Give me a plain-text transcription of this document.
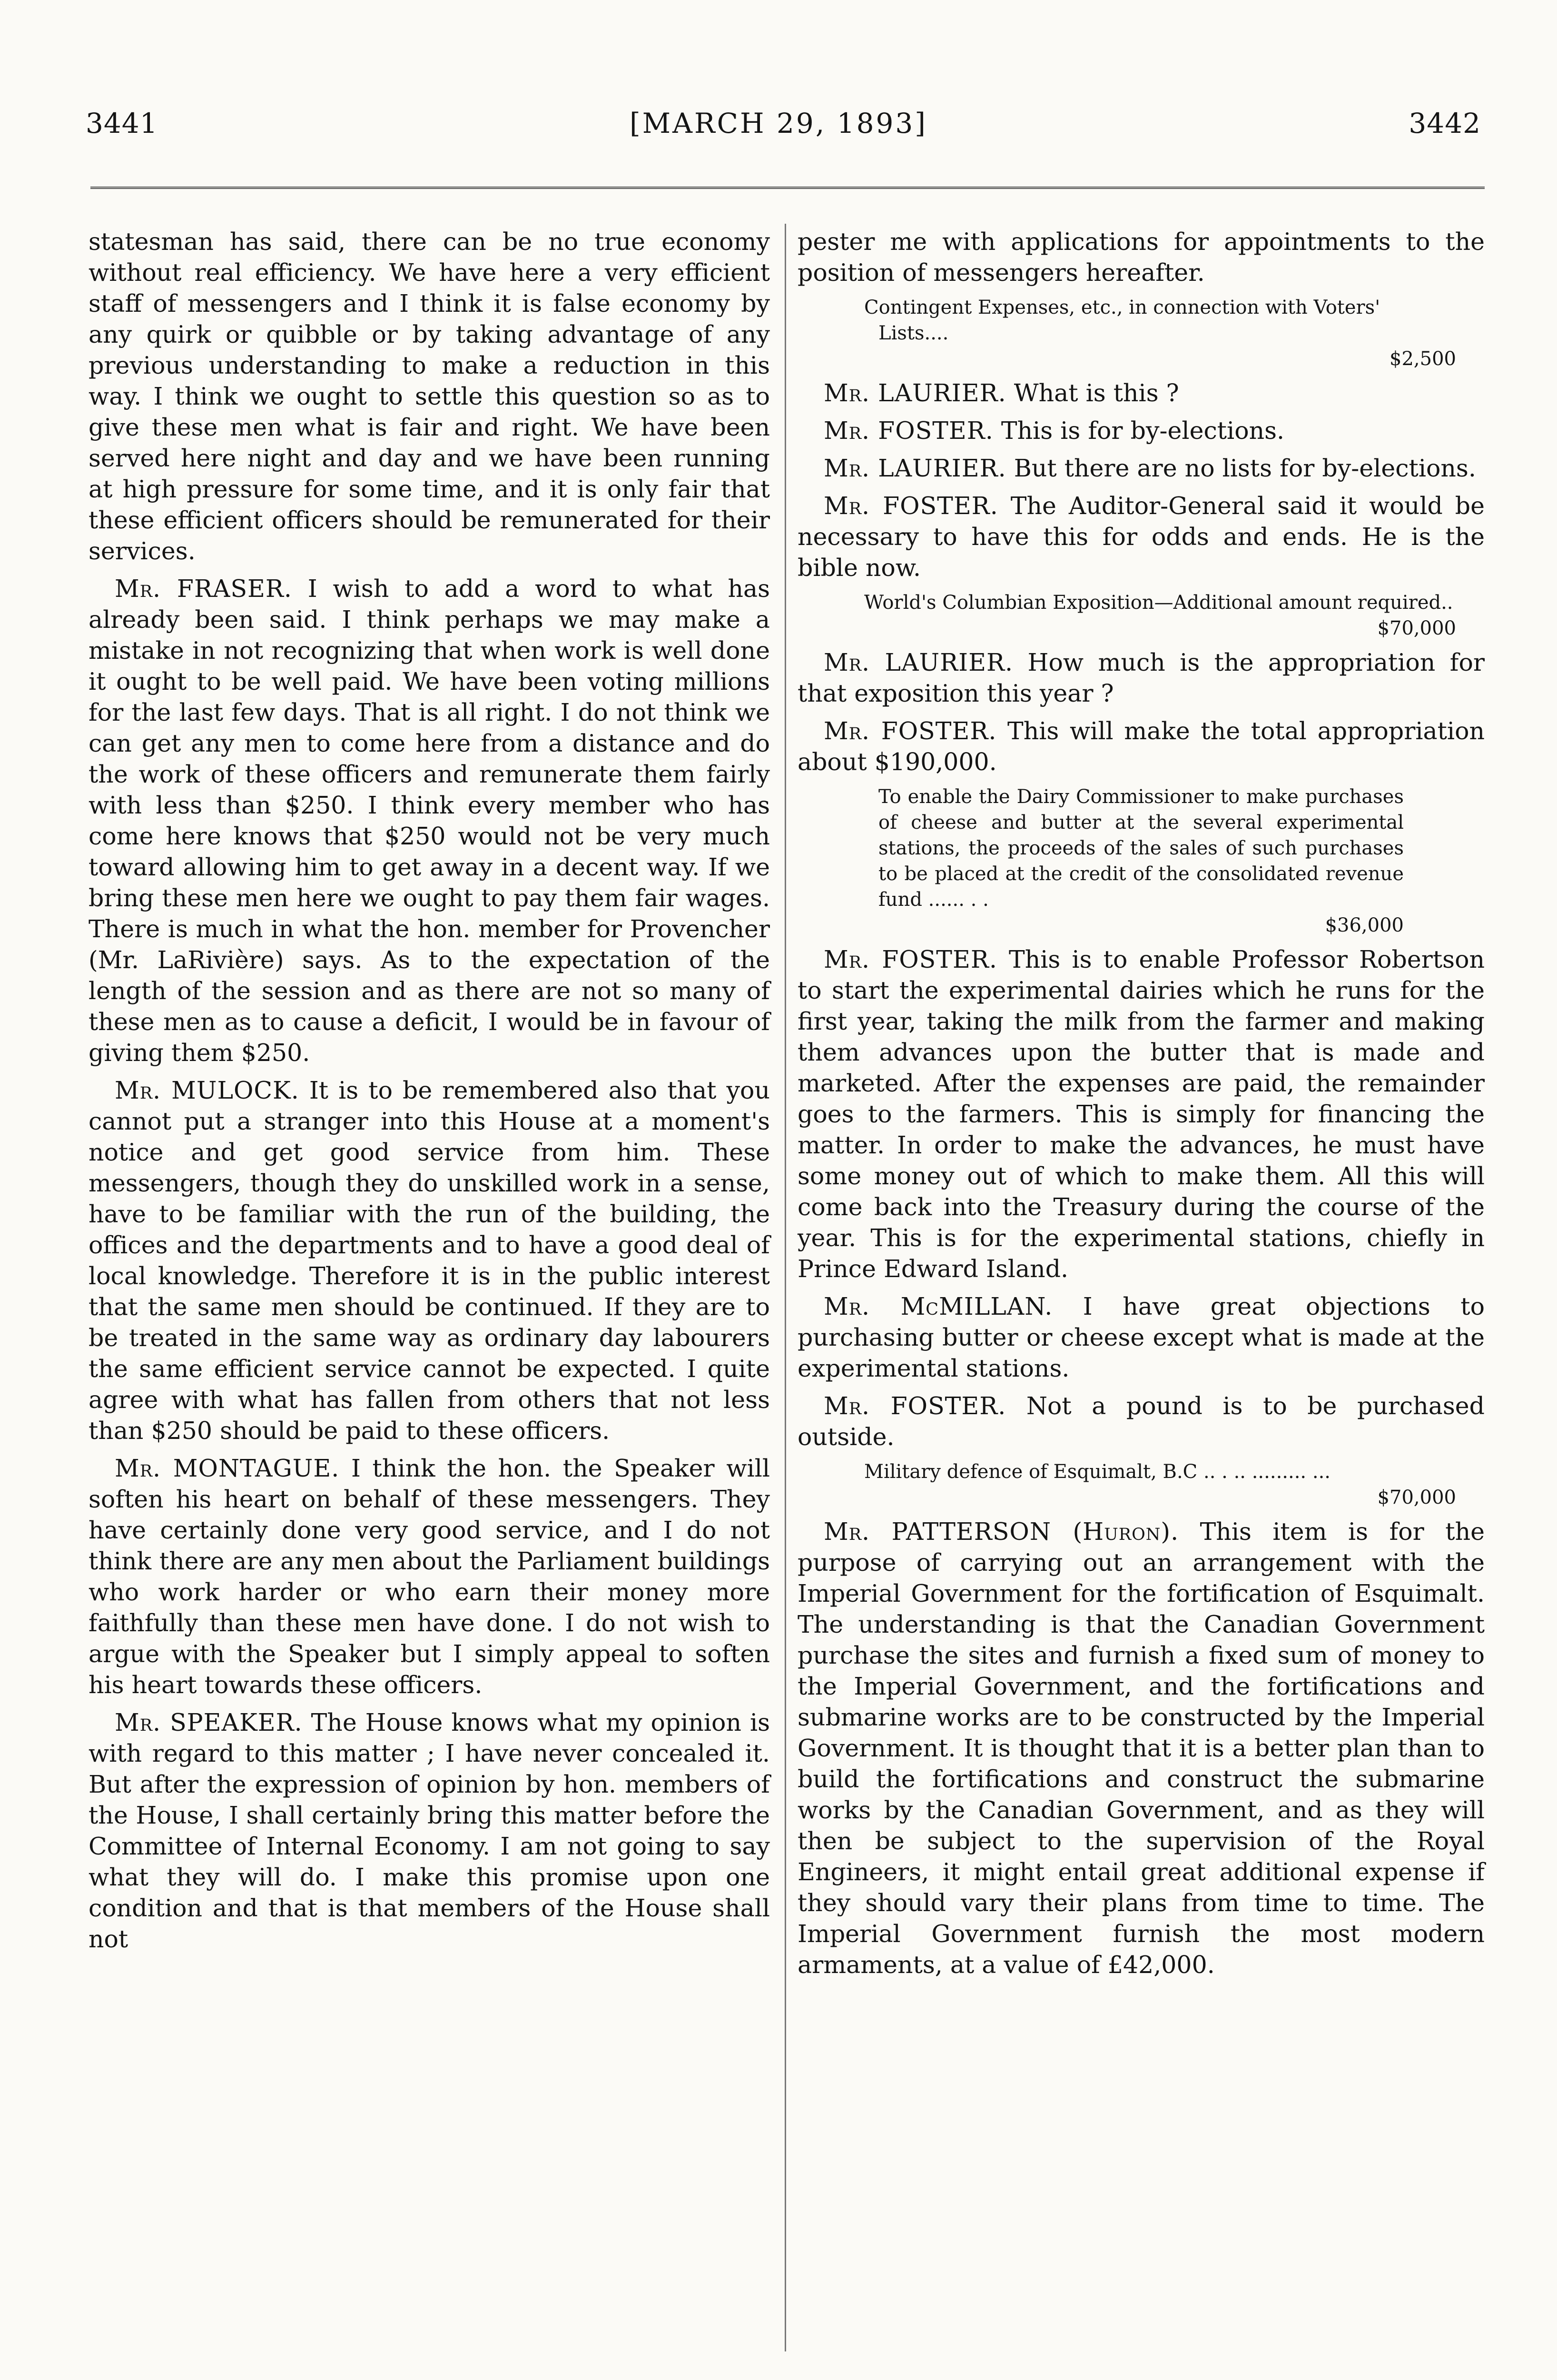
3441	[MARCH 29, 1893]	3442

statesman has said, there can be no true economy without real efficiency. We have here a very efficient staff of messengers and I think it is false economy by any quirk or quibble or by taking advantage of any previous understanding to make a reduction in this way. I think we ought to settle this question so as to give these men what is fair and right. We have been served here night and day and we have been running at high pressure for some time, and it is only fair that these efficient officers should be remunerated for their services.

Mr. FRASER. I wish to add a word to what has already been said. I think perhaps we may make a mistake in not recognizing that when work is well done it ought to be well paid. We have been voting millions for the last few days. That is all right. I do not think we can get any men to come here from a distance and do the work of these officers and remunerate them fairly with less than $250. I think every member who has come here knows that $250 would not be very much toward allowing him to get away in a decent way. If we bring these men here we ought to pay them fair wages. There is much in what the hon. member for Provencher (Mr. LaRivière) says. As to the expectation of the length of the session and as there are not so many of these men as to cause a deficit, I would be in favour of giving them $250.

Mr. MULOCK. It is to be remembered also that you cannot put a stranger into this House at a moment's notice and get good service from him. These messengers, though they do unskilled work in a sense, have to be familiar with the run of the building, the offices and the departments and to have a good deal of local knowledge. Therefore it is in the public interest that the same men should be continued. If they are to be treated in the same way as ordinary day labourers the same efficient service cannot be expected. I quite agree with what has fallen from others that not less than $250 should be paid to these officers.

Mr. MONTAGUE. I think the hon. the Speaker will soften his heart on behalf of these messengers. They have certainly done very good service, and I do not think there are any men about the Parliament buildings who work harder or who earn their money more faithfully than these men have done. I do not wish to argue with the Speaker but I simply appeal to soften his heart towards these officers.

Mr. SPEAKER. The House knows what my opinion is with regard to this matter ; I have never concealed it. But after the expression of opinion by hon. members of the House, I shall certainly bring this matter before the Committee of Internal Economy. I am not going to say what they will do. I make this promise upon one condition and that is that members of the House shall not

pester me with applications for appointments to the position of messengers hereafter.

Contingent Expenses, etc., in connection with Voters' Lists....
$2,500

Mr. LAURIER. What is this ?

Mr. FOSTER. This is for by-elections.

Mr. LAURIER. But there are no lists for by-elections.

Mr. FOSTER. The Auditor-General said it would be necessary to have this for odds and ends. He is the bible now.

World's Columbian Exposition—Additional amount required..
$70,000

Mr. LAURIER. How much is the appropriation for that exposition this year ?

Mr. FOSTER. This will make the total appropriation about $190,000.

To enable the Dairy Commissioner to make purchases of cheese and butter at the several experimental stations, the proceeds of the sales of such purchases to be placed at the credit of the consolidated revenue fund ...... . .
$36,000

Mr. FOSTER. This is to enable Professor Robertson to start the experimental dairies which he runs for the first year, taking the milk from the farmer and making them advances upon the butter that is made and marketed. After the expenses are paid, the remainder goes to the farmers. This is simply for financing the matter. In order to make the advances, he must have some money out of which to make them. All this will come back into the Treasury during the course of the year. This is for the experimental stations, chiefly in Prince Edward Island.

Mr. McMILLAN. I have great objections to purchasing butter or cheese except what is made at the experimental stations.

Mr. FOSTER. Not a pound is to be purchased outside.

Military defence of Esquimalt, B.C .. . .. ......... ...
$70,000

Mr. PATTERSON (Huron). This item is for the purpose of carrying out an arrangement with the Imperial Government for the fortification of Esquimalt. The understanding is that the Canadian Government purchase the sites and furnish a fixed sum of money to the Imperial Government, and the fortifications and submarine works are to be constructed by the Imperial Government. It is thought that it is a better plan than to build the fortifications and construct the submarine works by the Canadian Government, and as they will then be subject to the supervision of the Royal Engineers, it might entail great additional expense if they should vary their plans from time to time. The Imperial Government furnish the most modern armaments, at a value of £42,000.
